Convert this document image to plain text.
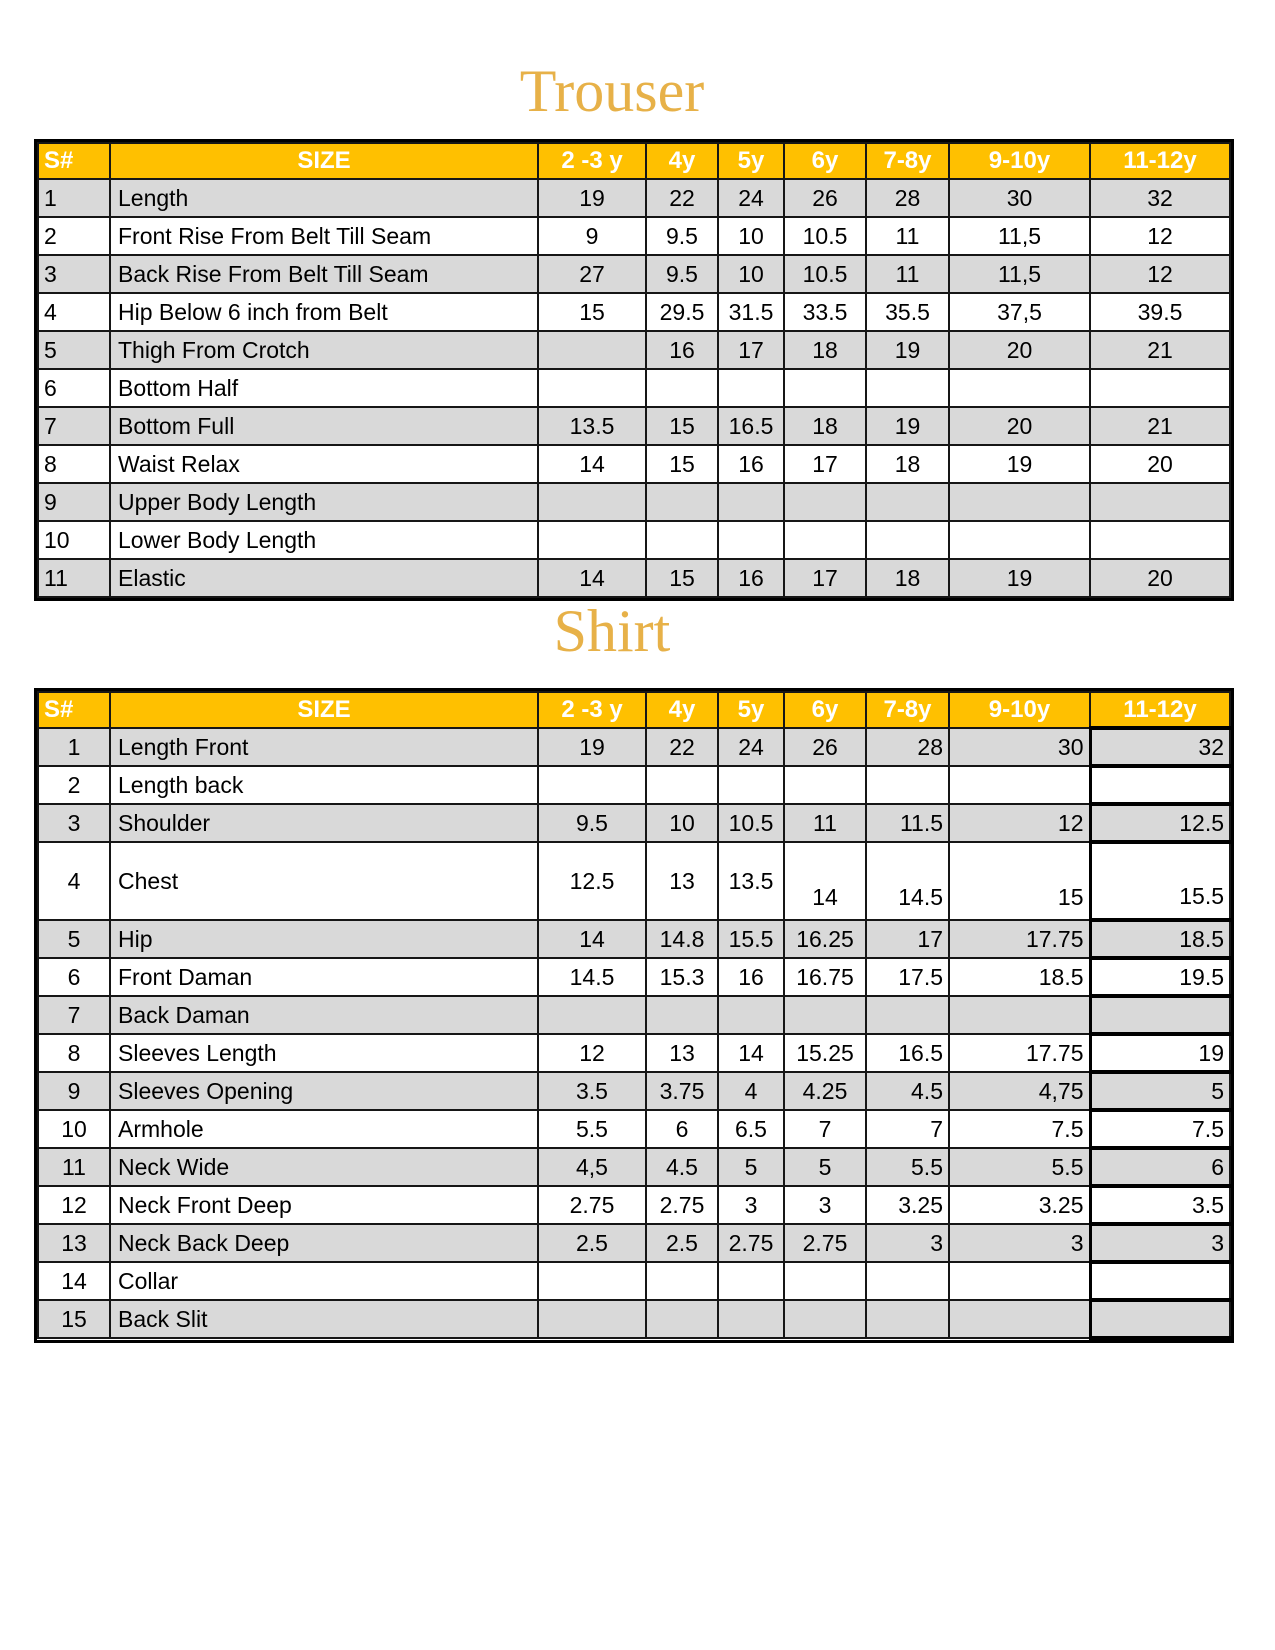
Trouser
S#	SIZE	2 -3 y	4y	5y	6y	7-8y	9-10y	11-12y
1	Length	19	22	24	26	28	30	32
2	Front Rise From Belt Till Seam	9	9.5	10	10.5	11	11,5	12
3	Back Rise From Belt Till Seam	27	9.5	10	10.5	11	11,5	12
4	Hip Below 6 inch from Belt	15	29.5	31.5	33.5	35.5	37,5	39.5
5	Thigh From Crotch		16	17	18	19	20	21
6	Bottom Half							
7	Bottom Full	13.5	15	16.5	18	19	20	21
8	Waist Relax	14	15	16	17	18	19	20
9	Upper Body Length							
10	Lower Body Length							
11	Elastic	14	15	16	17	18	19	20
Shirt
S#	SIZE	2 -3 y	4y	5y	6y	7-8y	9-10y	11-12y
1	Length Front	19	22	24	26	28	30	32
2	Length back							
3	Shoulder	9.5	10	10.5	11	11.5	12	12.5
4	Chest	12.5	13	13.5	14	14.5	15	15.5
5	Hip	14	14.8	15.5	16.25	17	17.75	18.5
6	Front Daman	14.5	15.3	16	16.75	17.5	18.5	19.5
7	Back Daman							
8	Sleeves Length	12	13	14	15.25	16.5	17.75	19
9	Sleeves Opening	3.5	3.75	4	4.25	4.5	4,75	5
10	Armhole	5.5	6	6.5	7	7	7.5	7.5
11	Neck Wide	4,5	4.5	5	5	5.5	5.5	6
12	Neck Front Deep	2.75	2.75	3	3	3.25	3.25	3.5
13	Neck Back Deep	2.5	2.5	2.75	2.75	3	3	3
14	Collar							
15	Back Slit							
